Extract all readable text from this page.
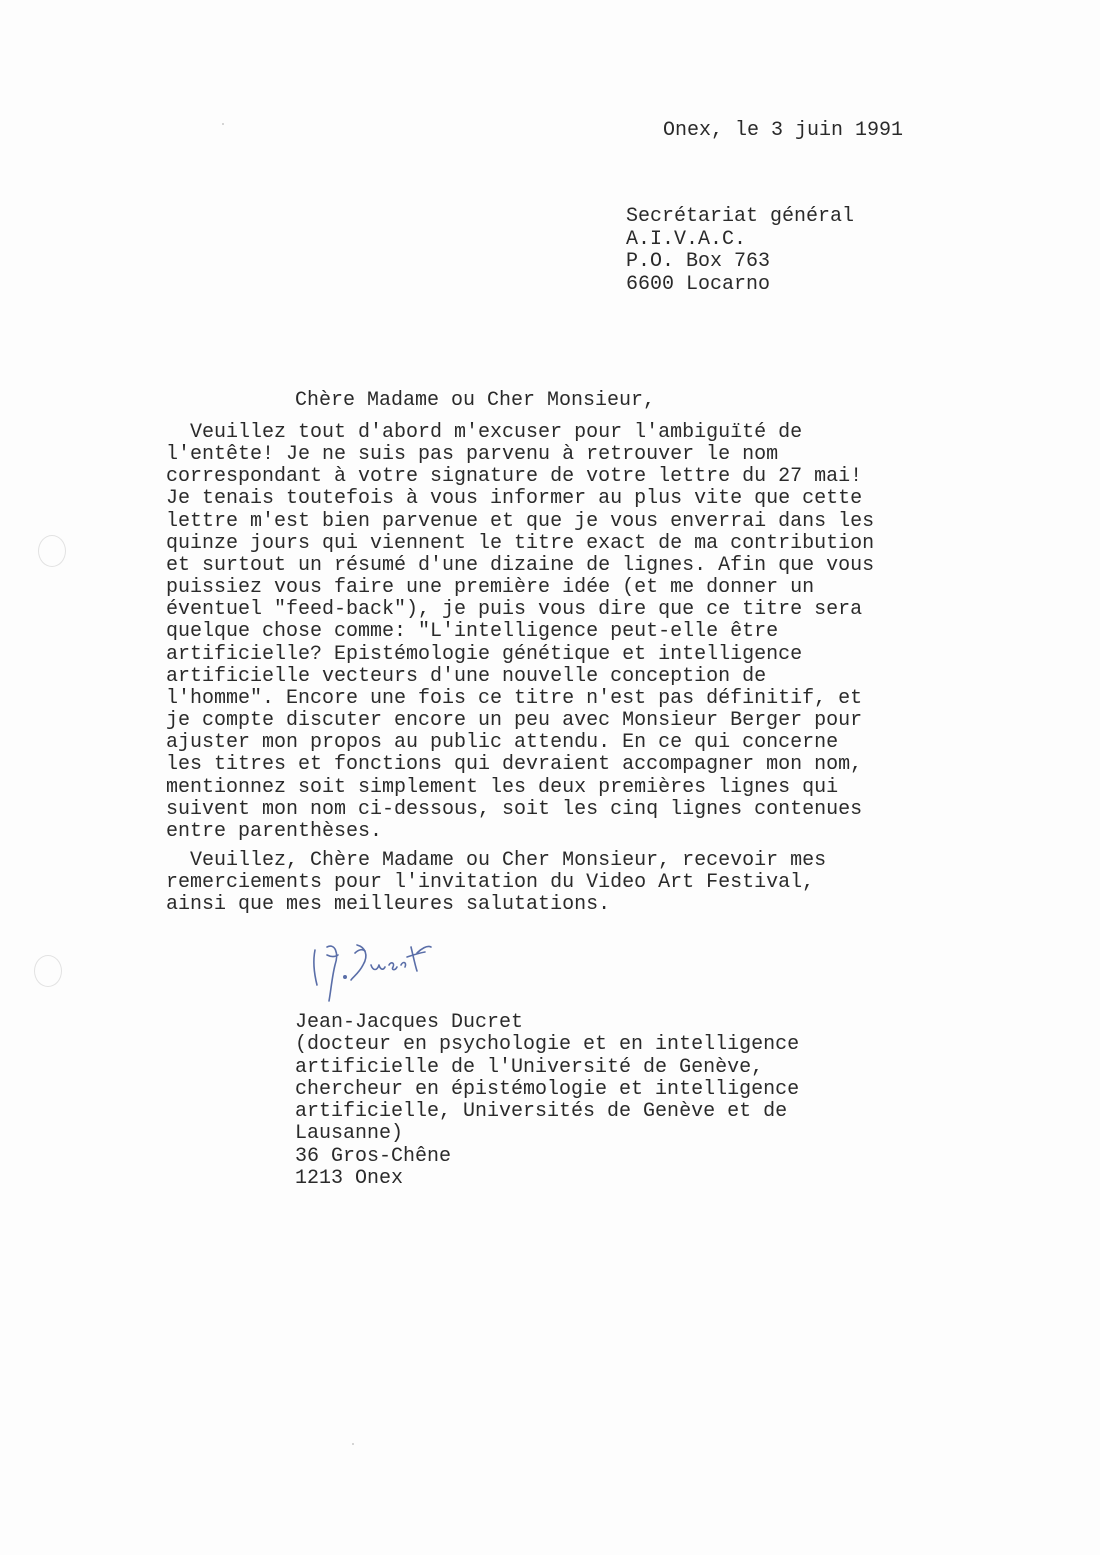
Onex, le 3 juin 1991
Secrétariat général
A.I.V.A.C.
P.O. Box 763
6600 Locarno
Chère Madame ou Cher Monsieur,
Veuillez tout d'abord m'excuser pour l'ambiguïté de
l'entête! Je ne suis pas parvenu à retrouver le nom
correspondant à votre signature de votre lettre du 27 mai!
Je tenais toutefois à vous informer au plus vite que cette
lettre m'est bien parvenue et que je vous enverrai dans les
quinze jours qui viennent le titre exact de ma contribution
et surtout un résumé d'une dizaine de lignes. Afin que vous
puissiez vous faire une première idée (et me donner un
éventuel "feed-back"), je puis vous dire que ce titre sera
quelque chose comme: "L'intelligence peut-elle être
artificielle? Epistémologie génétique et intelligence
artificielle vecteurs d'une nouvelle conception de
l'homme". Encore une fois ce titre n'est pas définitif, et
je compte discuter encore un peu avec Monsieur Berger pour
ajuster mon propos au public attendu. En ce qui concerne
les titres et fonctions qui devraient accompagner mon nom,
mentionnez soit simplement les deux premières lignes qui
suivent mon nom ci-dessous, soit les cinq lignes contenues
entre parenthèses.
Veuillez, Chère Madame ou Cher Monsieur, recevoir mes
remerciements pour l'invitation du Video Art Festival,
ainsi que mes meilleures salutations.
Jean-Jacques Ducret
(docteur en psychologie et en intelligence
artificielle de l'Université de Genève,
chercheur en épistémologie et intelligence
artificielle, Universités de Genève et de
Lausanne)
36 Gros-Chêne
1213 Onex
